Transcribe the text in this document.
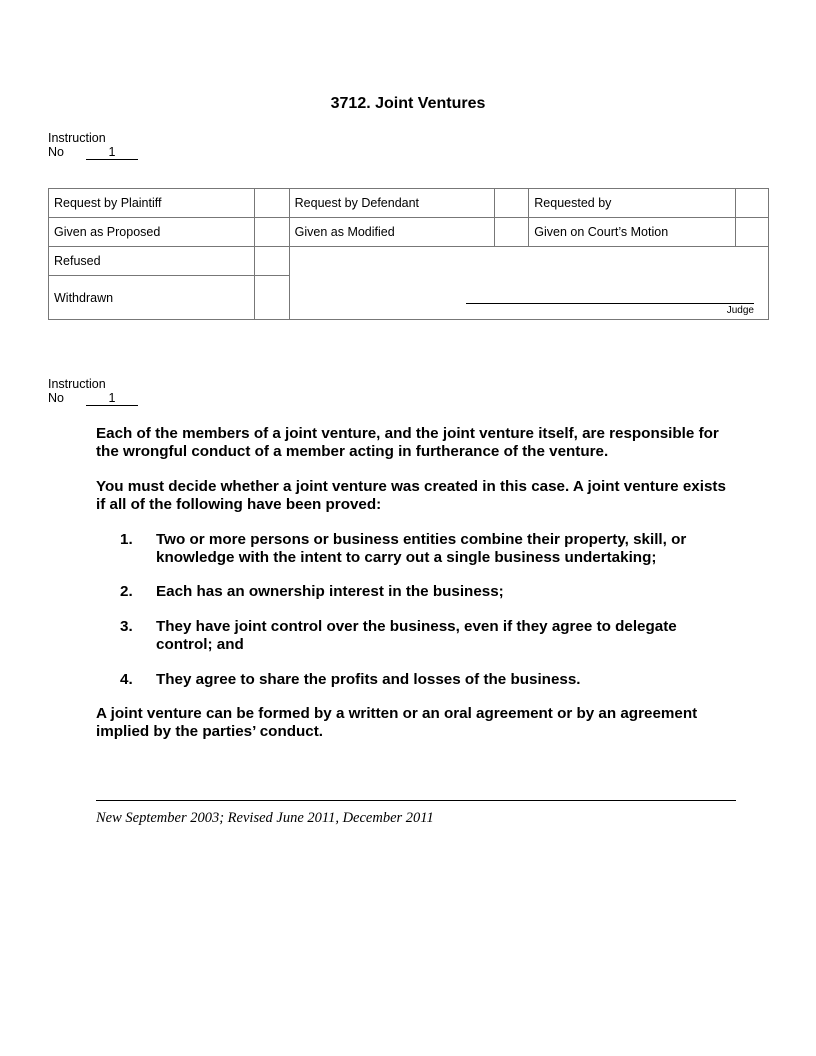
3712. Joint Ventures
Instruction
No	1
Request by Plaintiff		Request by Defendant		Requested by	
Given as Proposed		Given as Modified		Given on Court’s Motion	
Refused		Judge			

Withdrawn					
Instruction
No	1

Each of the members of a joint venture, and the joint venture itself, are responsible for the wrongful conduct of a member acting in furtherance of the venture.

You must decide whether a joint venture was created in this case. A joint venture exists if all of the following have been proved:

1.	Two or more persons or business entities combine their property, skill, or knowledge with the intent to carry out a single business undertaking;
2.	Each has an ownership interest in the business;
3.	They have joint control over the business, even if they agree to delegate control; and
4.	They agree to share the profits and losses of the business.

A joint venture can be formed by a written or an oral agreement or by an agreement implied by the parties’ conduct.

New September 2003; Revised June 2011, December 2011
